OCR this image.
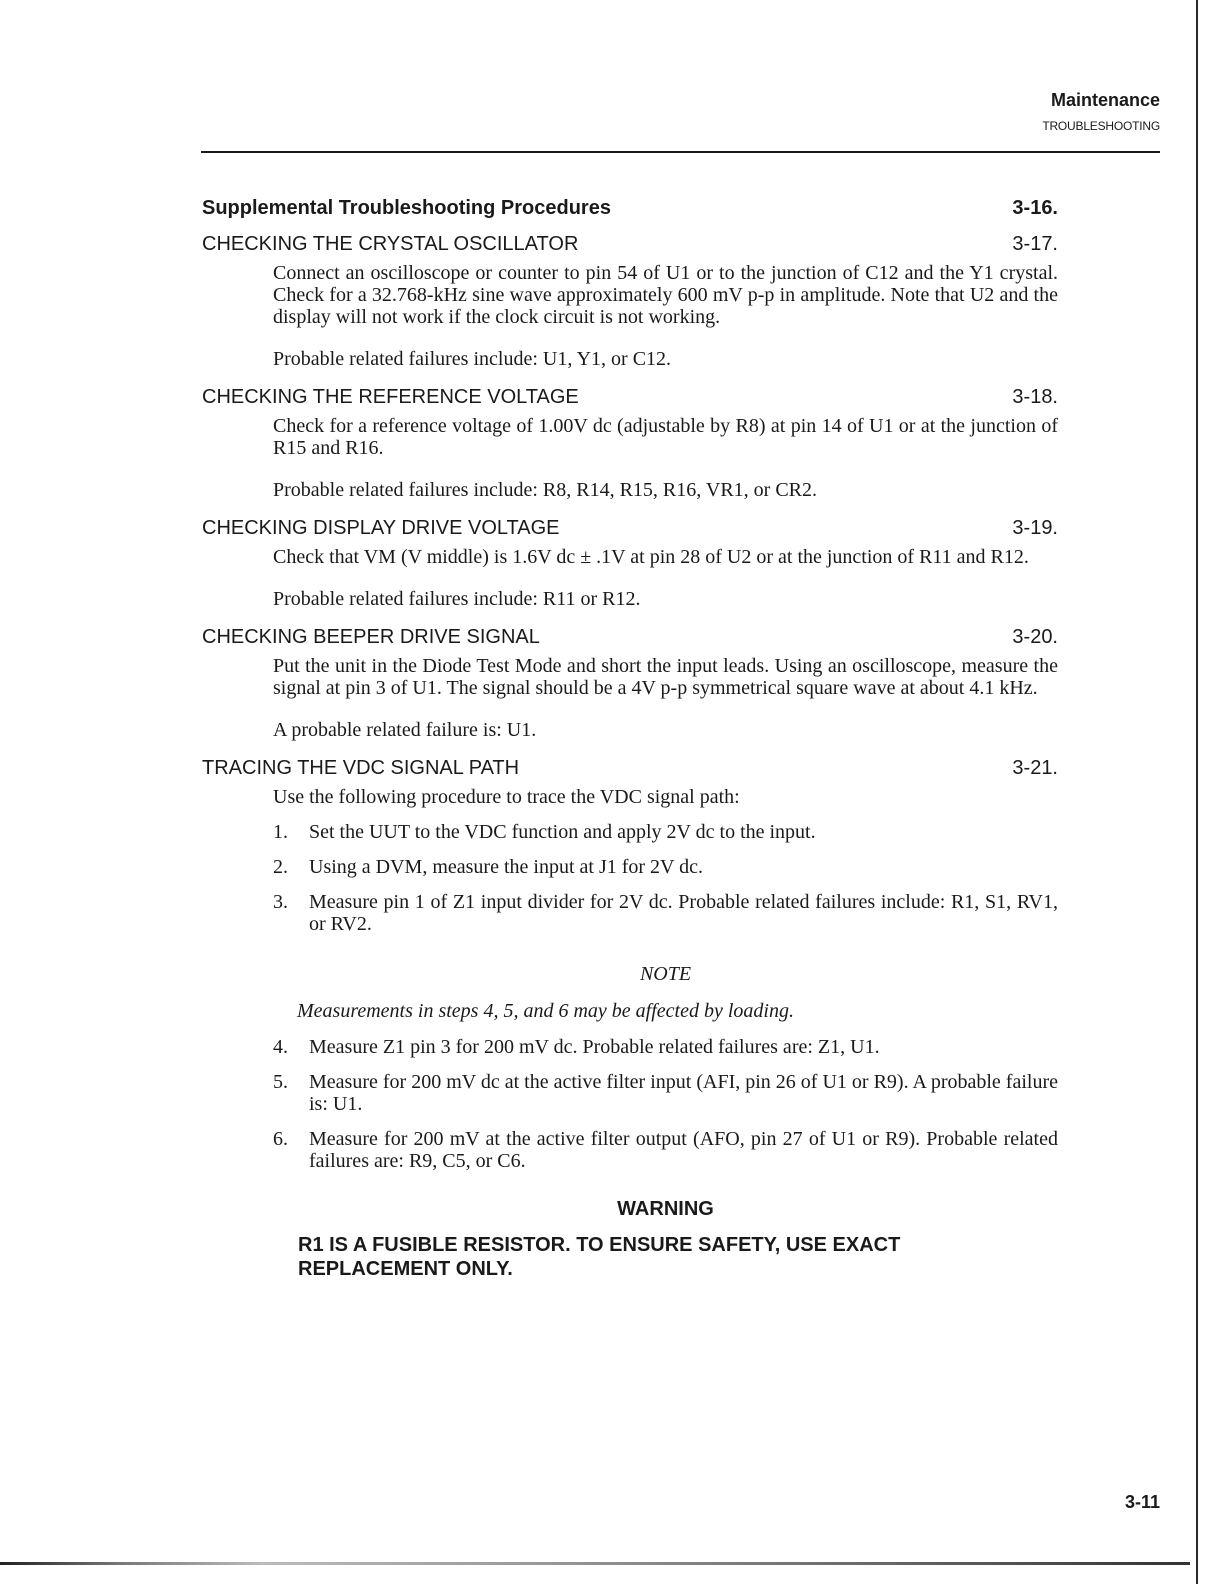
Maintenance
TROUBLESHOOTING
Supplemental Troubleshooting Procedures	3-16.
CHECKING THE CRYSTAL OSCILLATOR	3-17.
Connect an oscilloscope or counter to pin 54 of U1 or to the junction of C12 and the Y1 crystal. Check for a 32.768-kHz sine wave approximately 600 mV p-p in amplitude. Note that U2 and the display will not work if the clock circuit is not working.
Probable related failures include: U1, Y1, or C12.
CHECKING THE REFERENCE VOLTAGE	3-18.
Check for a reference voltage of 1.00V dc (adjustable by R8) at pin 14 of U1 or at the junction of R15 and R16.
Probable related failures include: R8, R14, R15, R16, VR1, or CR2.
CHECKING DISPLAY DRIVE VOLTAGE	3-19.
Check that VM (V middle) is 1.6V dc ± .1V at pin 28 of U2 or at the junction of R11 and R12.
Probable related failures include: R11 or R12.
CHECKING BEEPER DRIVE SIGNAL	3-20.
Put the unit in the Diode Test Mode and short the input leads. Using an oscilloscope, measure the signal at pin 3 of U1. The signal should be a 4V p-p symmetrical square wave at about 4.1 kHz.
A probable related failure is: U1.
TRACING THE VDC SIGNAL PATH	3-21.
Use the following procedure to trace the VDC signal path:
1.	Set the UUT to the VDC function and apply 2V dc to the input.
2.	Using a DVM, measure the input at J1 for 2V dc.
3.	Measure pin 1 of Z1 input divider for 2V dc. Probable related failures include: R1, S1, RV1, or RV2.
NOTE
Measurements in steps 4, 5, and 6 may be affected by loading.
4.	Measure Z1 pin 3 for 200 mV dc. Probable related failures are: Z1, U1.
5.	Measure for 200 mV dc at the active filter input (AFI, pin 26 of U1 or R9). A probable failure is: U1.
6.	Measure for 200 mV at the active filter output (AFO, pin 27 of U1 or R9). Probable related failures are: R9, C5, or C6.
WARNING
R1 IS A FUSIBLE RESISTOR. TO ENSURE SAFETY, USE EXACT REPLACEMENT ONLY.
3-11
